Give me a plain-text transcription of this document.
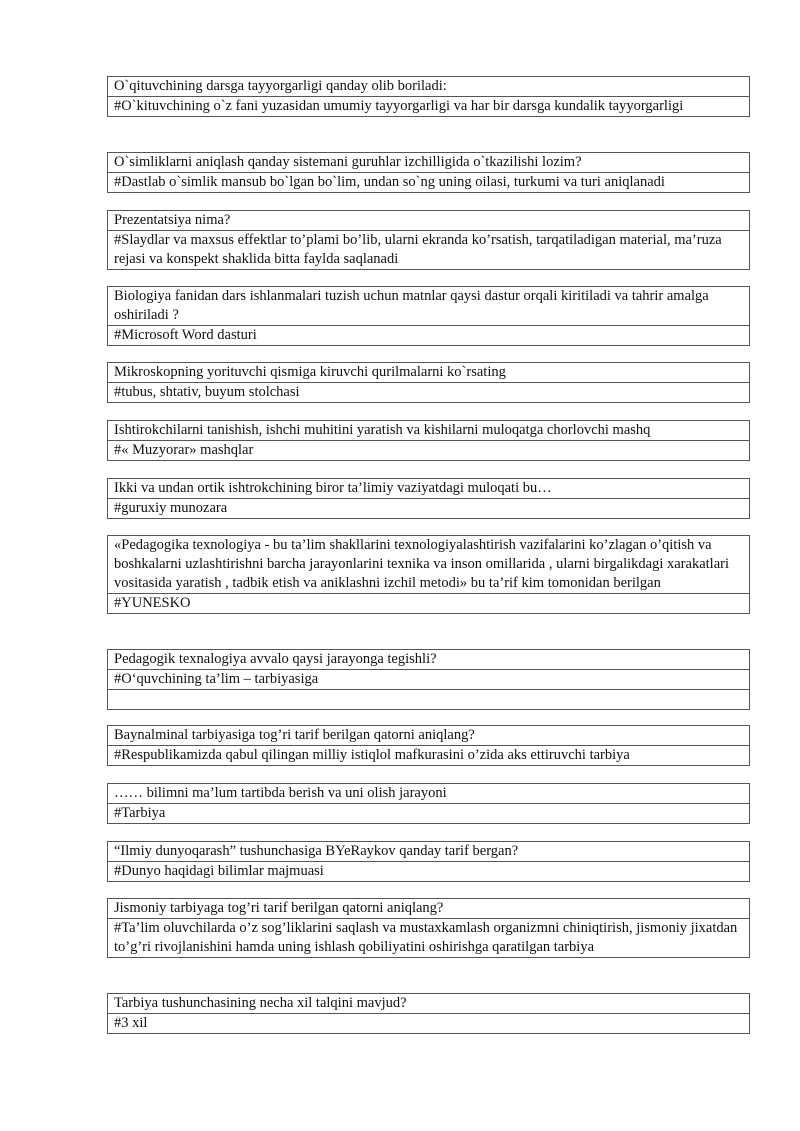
O`qituvchining darsga tayyorgarligi qanday olib boriladi:
#O`kituvchining o`z fani yuzasidan umumiy tayyorgarligi va har bir darsga kundalik tayyorgarligi
O`simliklarni aniqlash qanday sistemani guruhlar izchilligida o`tkazilishi lozim?
#Dastlab o`simlik mansub bo`lgan bo`lim, undan so`ng uning oilasi, turkumi va turi aniqlanadi
Prezentatsiya nima?
#Slaydlar va maxsus effektlar to’plami bo’lib, ularni ekranda ko’rsatish, tarqatiladigan material, ma’ruza rejasi va konspekt shaklida bitta faylda saqlanadi
Biologiya fanidan dars ishlanmalari tuzish uchun matnlar qaysi dastur orqali kiritiladi va tahrir amalga oshiriladi ?
#Microsoft Word dasturi
Mikroskopning yorituvchi qismiga kiruvchi qurilmalarni ko`rsating
#tubus, shtativ, buyum stolchasi
Ishtirokchilarni tanishish, ishchi muhitini yaratish va kishilarni muloqatga chorlovchi mashq
#« Muzyorar» mashqlar
Ikki va undan ortik ishtrokchining biror ta’limiy vaziyatdagi muloqati bu…
#guruxiy munozara
«Pedagogika texnologiya - bu ta’lim shakllarini texnologiyalashtirish vazifalarini ko’zlagan o’qitish va boshkalarni uzlashtirishni barcha jarayonlarini texnika va inson omillarida , ularni birgalikdagi xarakatlari vositasida yaratish , tadbik etish va aniklashni izchil metodi» bu ta’rif kim tomonidan berilgan
#YUNESKO
Pedagogik texnalogiya avvalo qaysi jarayonga tegishli?
#O‘quvchining ta’lim – tarbiyasiga

Baynalminal tarbiyasiga tog’ri tarif berilgan qatorni aniqlang?
#Respublikamizda qabul qilingan milliy istiqlol mafkurasini o’zida aks ettiruvchi tarbiya
…… bilimni ma’lum tartibda berish va uni olish jarayoni
#Tarbiya
“Ilmiy dunyoqarash” tushunchasiga BYeRaykov qanday tarif bergan?
#Dunyo haqidagi bilimlar majmuasi
Jismoniy tarbiyaga tog’ri tarif berilgan qatorni aniqlang?
#Ta’lim oluvchilarda o’z sog’liklarini saqlash va mustaxkamlash organizmni chiniqtirish, jismoniy jixatdan to’g’ri rivojlanishini hamda uning ishlash qobiliyatini oshirishga qaratilgan tarbiya
Tarbiya tushunchasining necha xil talqini mavjud?
#3 xil
